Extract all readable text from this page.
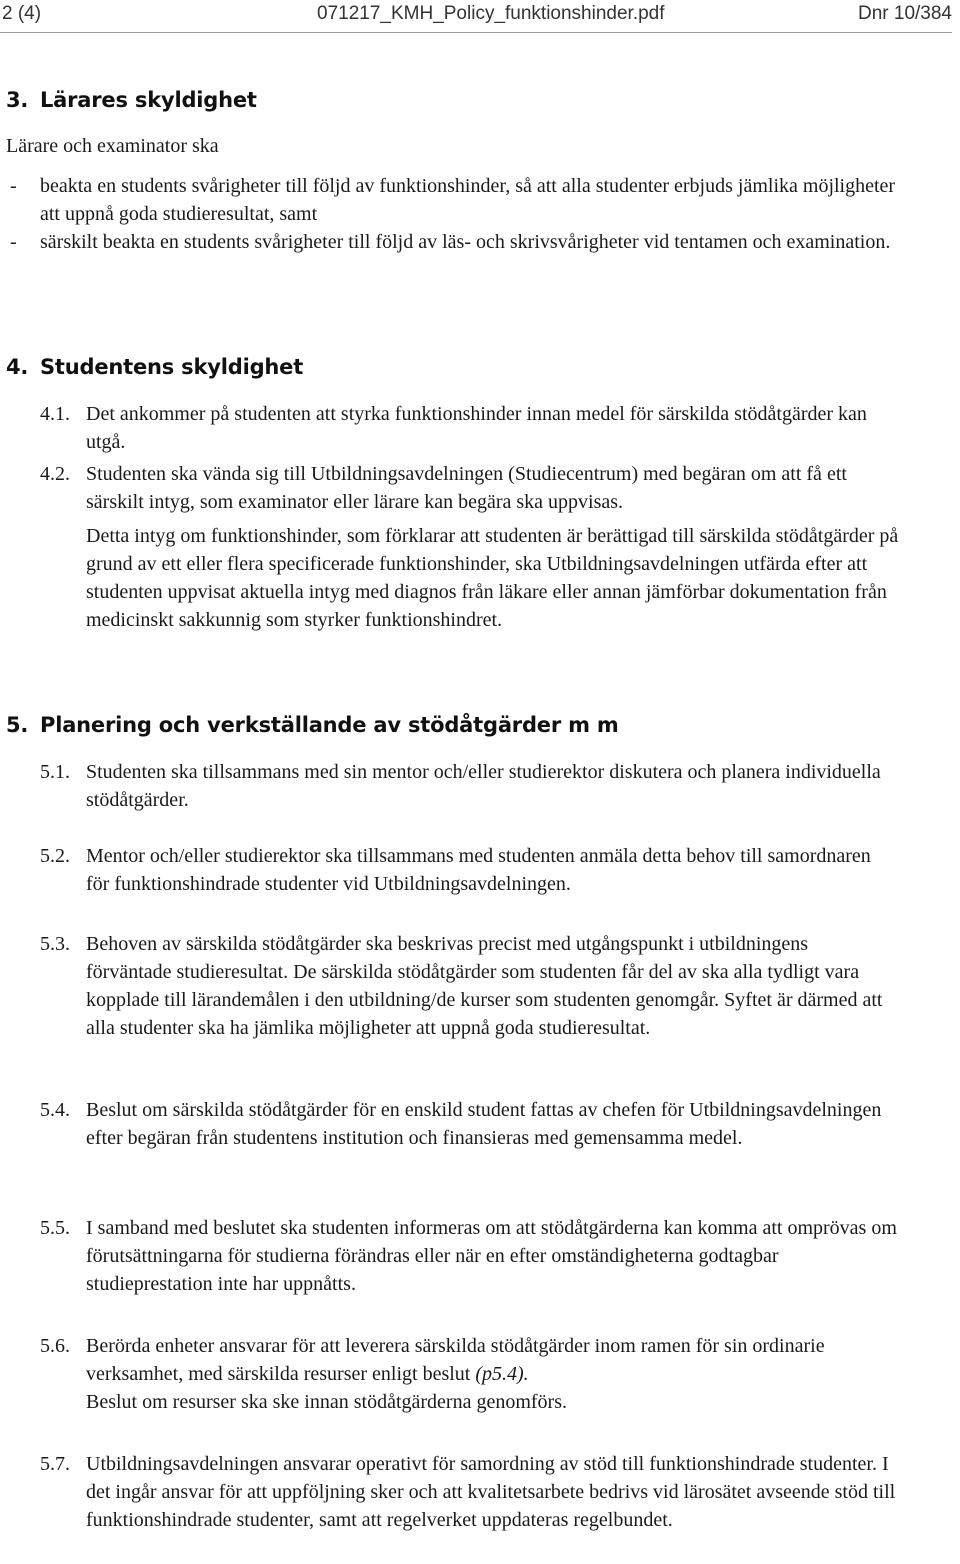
2 (4)	071217_KMH_Policy_funktionshinder.pdf	Dnr 10/384
3. Lärares skyldighet

Lärare och examinator ska

- beakta en students svårigheter till följd av funktionshinder, så att alla studenter erbjuds jämlika möjligheter att uppnå goda studieresultat, samt

- särskilt beakta en students svårigheter till följd av läs- och skrivsvårigheter vid tentamen och examination.

4. Studentens skyldighet
4.1. Det ankommer på studenten att styrka funktionshinder innan medel för särskilda stödåtgärder kan utgå.

4.2. Studenten ska vända sig till Utbildningsavdelningen (Studiecentrum) med begäran om att få ett särskilt intyg, som examinator eller lärare kan begära ska uppvisas.

Detta intyg om funktionshinder, som förklarar att studenten är berättigad till särskilda stödåtgärder på grund av ett eller flera specificerade funktionshinder, ska Utbildningsavdelningen utfärda efter att studenten uppvisat aktuella intyg med diagnos från läkare eller annan jämförbar dokumentation från medicinskt sakkunnig som styrker funktionshindret.

5. Planering och verkställande av stödåtgärder m m
5.1. Studenten ska tillsammans med sin mentor och/eller studierektor diskutera och planera individuella stödåtgärder.

5.2. Mentor och/eller studierektor ska tillsammans med studenten anmäla detta behov till samordnaren för funktionshindrade studenter vid Utbildningsavdelningen.

5.3. Behoven av särskilda stödåtgärder ska beskrivas precist med utgångspunkt i utbildningens förväntade studieresultat. De särskilda stödåtgärder som studenten får del av ska alla tydligt vara kopplade till lärandemålen i den utbildning/de kurser som studenten genomgår. Syftet är därmed att alla studenter ska ha jämlika möjligheter att uppnå goda studieresultat.

5.4. Beslut om särskilda stödåtgärder för en enskild student fattas av chefen för Utbildningsavdelningen efter begäran från studentens institution och finansieras med gemensamma medel.

5.5. I samband med beslutet ska studenten informeras om att stödåtgärderna kan komma att omprövas om förutsättningarna för studierna förändras eller när en efter omständigheterna godtagbar studieprestation inte har uppnåtts.

5.6. Berörda enheter ansvarar för att leverera särskilda stödåtgärder inom ramen för sin ordinarie verksamhet, med särskilda resurser enligt beslut (p5.4).

Beslut om resurser ska ske innan stödåtgärderna genomförs.

5.7. Utbildningsavdelningen ansvarar operativt för samordning av stöd till funktionshindrade studenter. I det ingår ansvar för att uppföljning sker och att kvalitetsarbete bedrivs vid lärosätet avseende stöd till funktionshindrade studenter, samt att regelverket uppdateras regelbundet.
